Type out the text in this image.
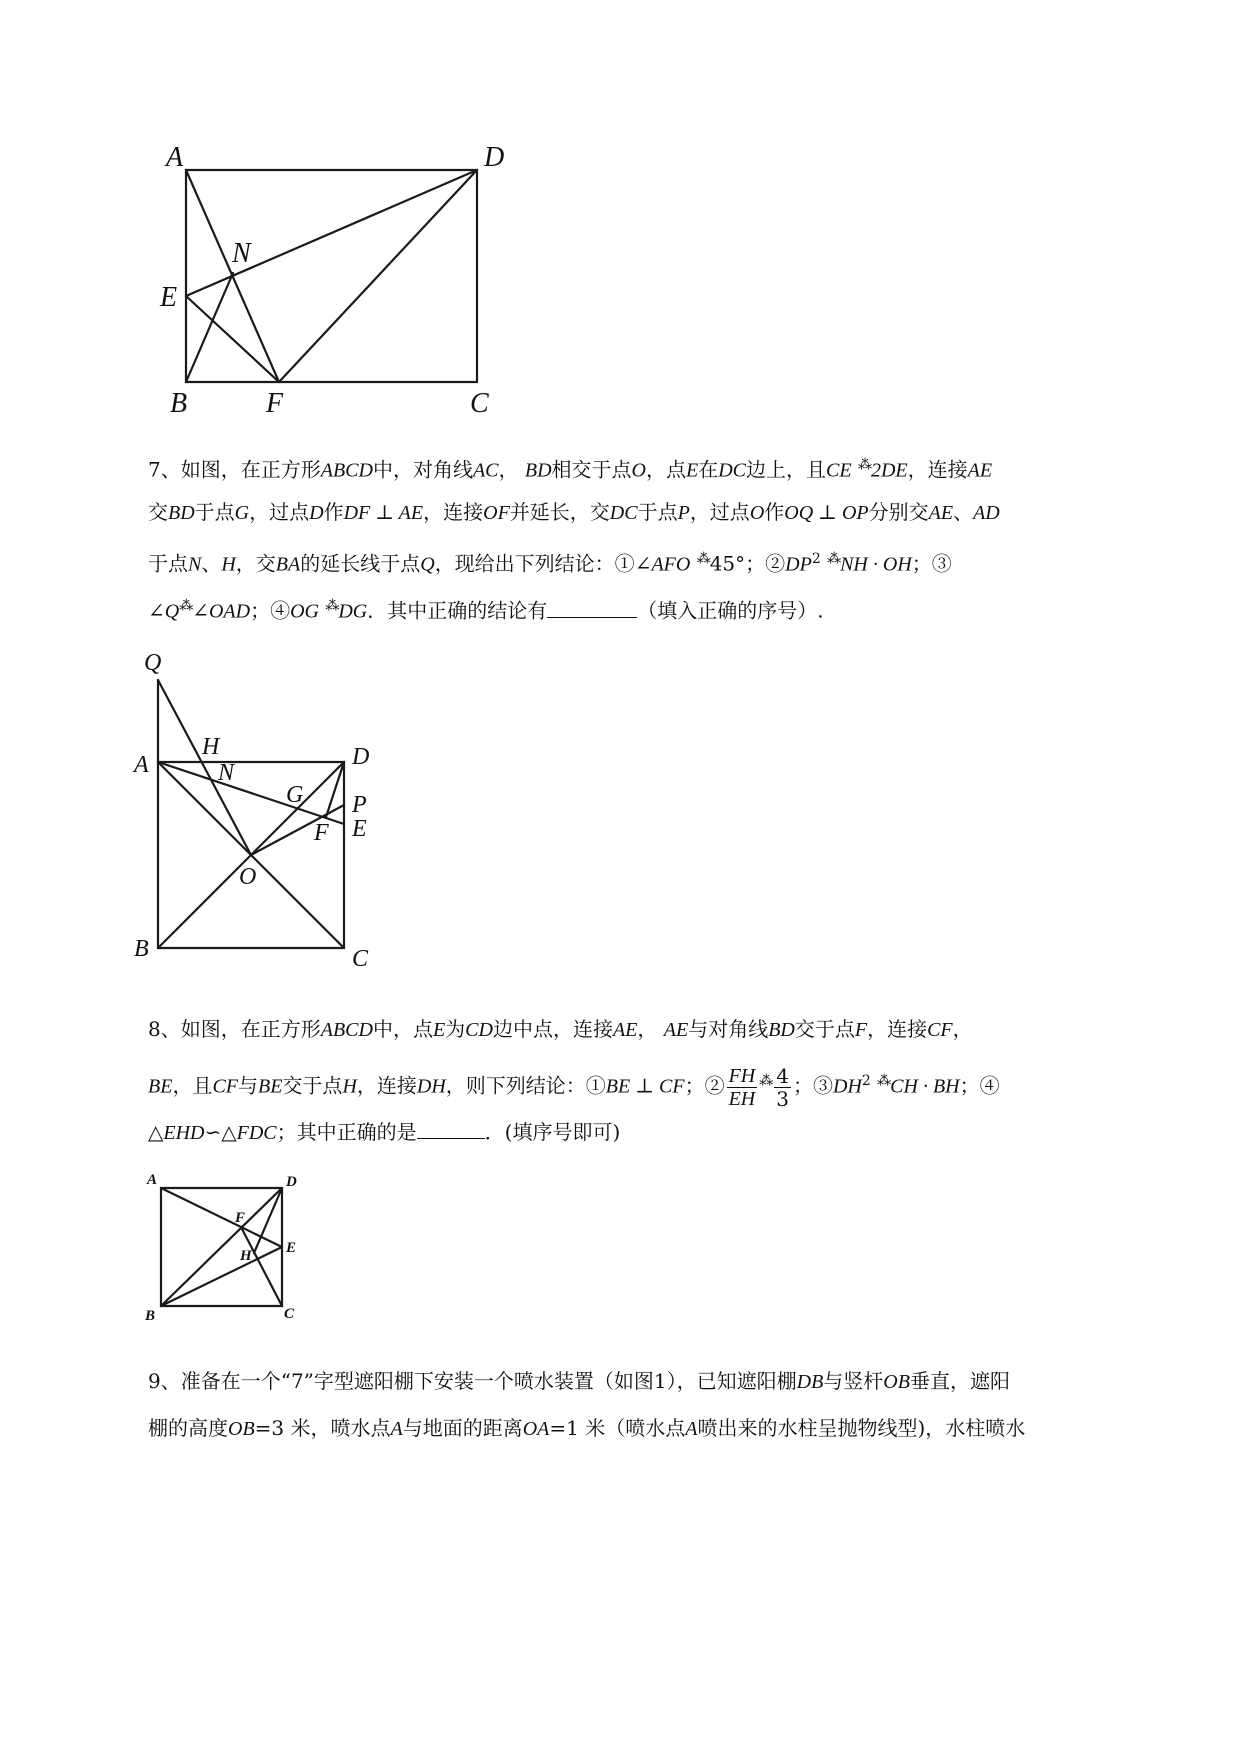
A	D
N
E
B	F	C
7、如图，在正方形ABCD中，对角线AC， BD相交于点O，点E在DC边上，且CE ⁂2DE，连接AE
交BD于点G，过点D作DF ⊥ AE，连接OF并延长，交DC于点P，过点O作OQ ⊥ OP分别交AE、AD
于点N、H，交BA的延长线于点Q，现给出下列结论：①∠AFO ⁂45°；$②DP^2$ ⁂NH · OH；③
∠Q⁂∠OAD；④OG ⁂DG．其中正确的结论有	（填入正确的序号）.
Q
H
A	N
D
G P
F E
O
B	C
8、如图，在正方形ABCD中，点E为CD边中点，连接AE， AE与对角线BD交于点F，连接CF，
BE，且CF与BE交于点H，连接DH，则下列结论：①BE ⊥ CF；② $\frac{FH}{EH} ^⁂ \frac{4}{3}$ ；$③DH^2$ ⁂CH · BH；④
△EHD∽△FDC；其中正确的是	．(填序号即可)
A	D
F
H E
B	C
9、准备在一个“7”字型遮阳棚下安装一个喷水装置（如图1），已知遮阳棚DB与竖杆OB垂直，遮阳
棚的高度OB=3 米，喷水点A与地面的距离OA=1 米（喷水点A喷出来的水柱呈抛物线型)，水柱喷水
